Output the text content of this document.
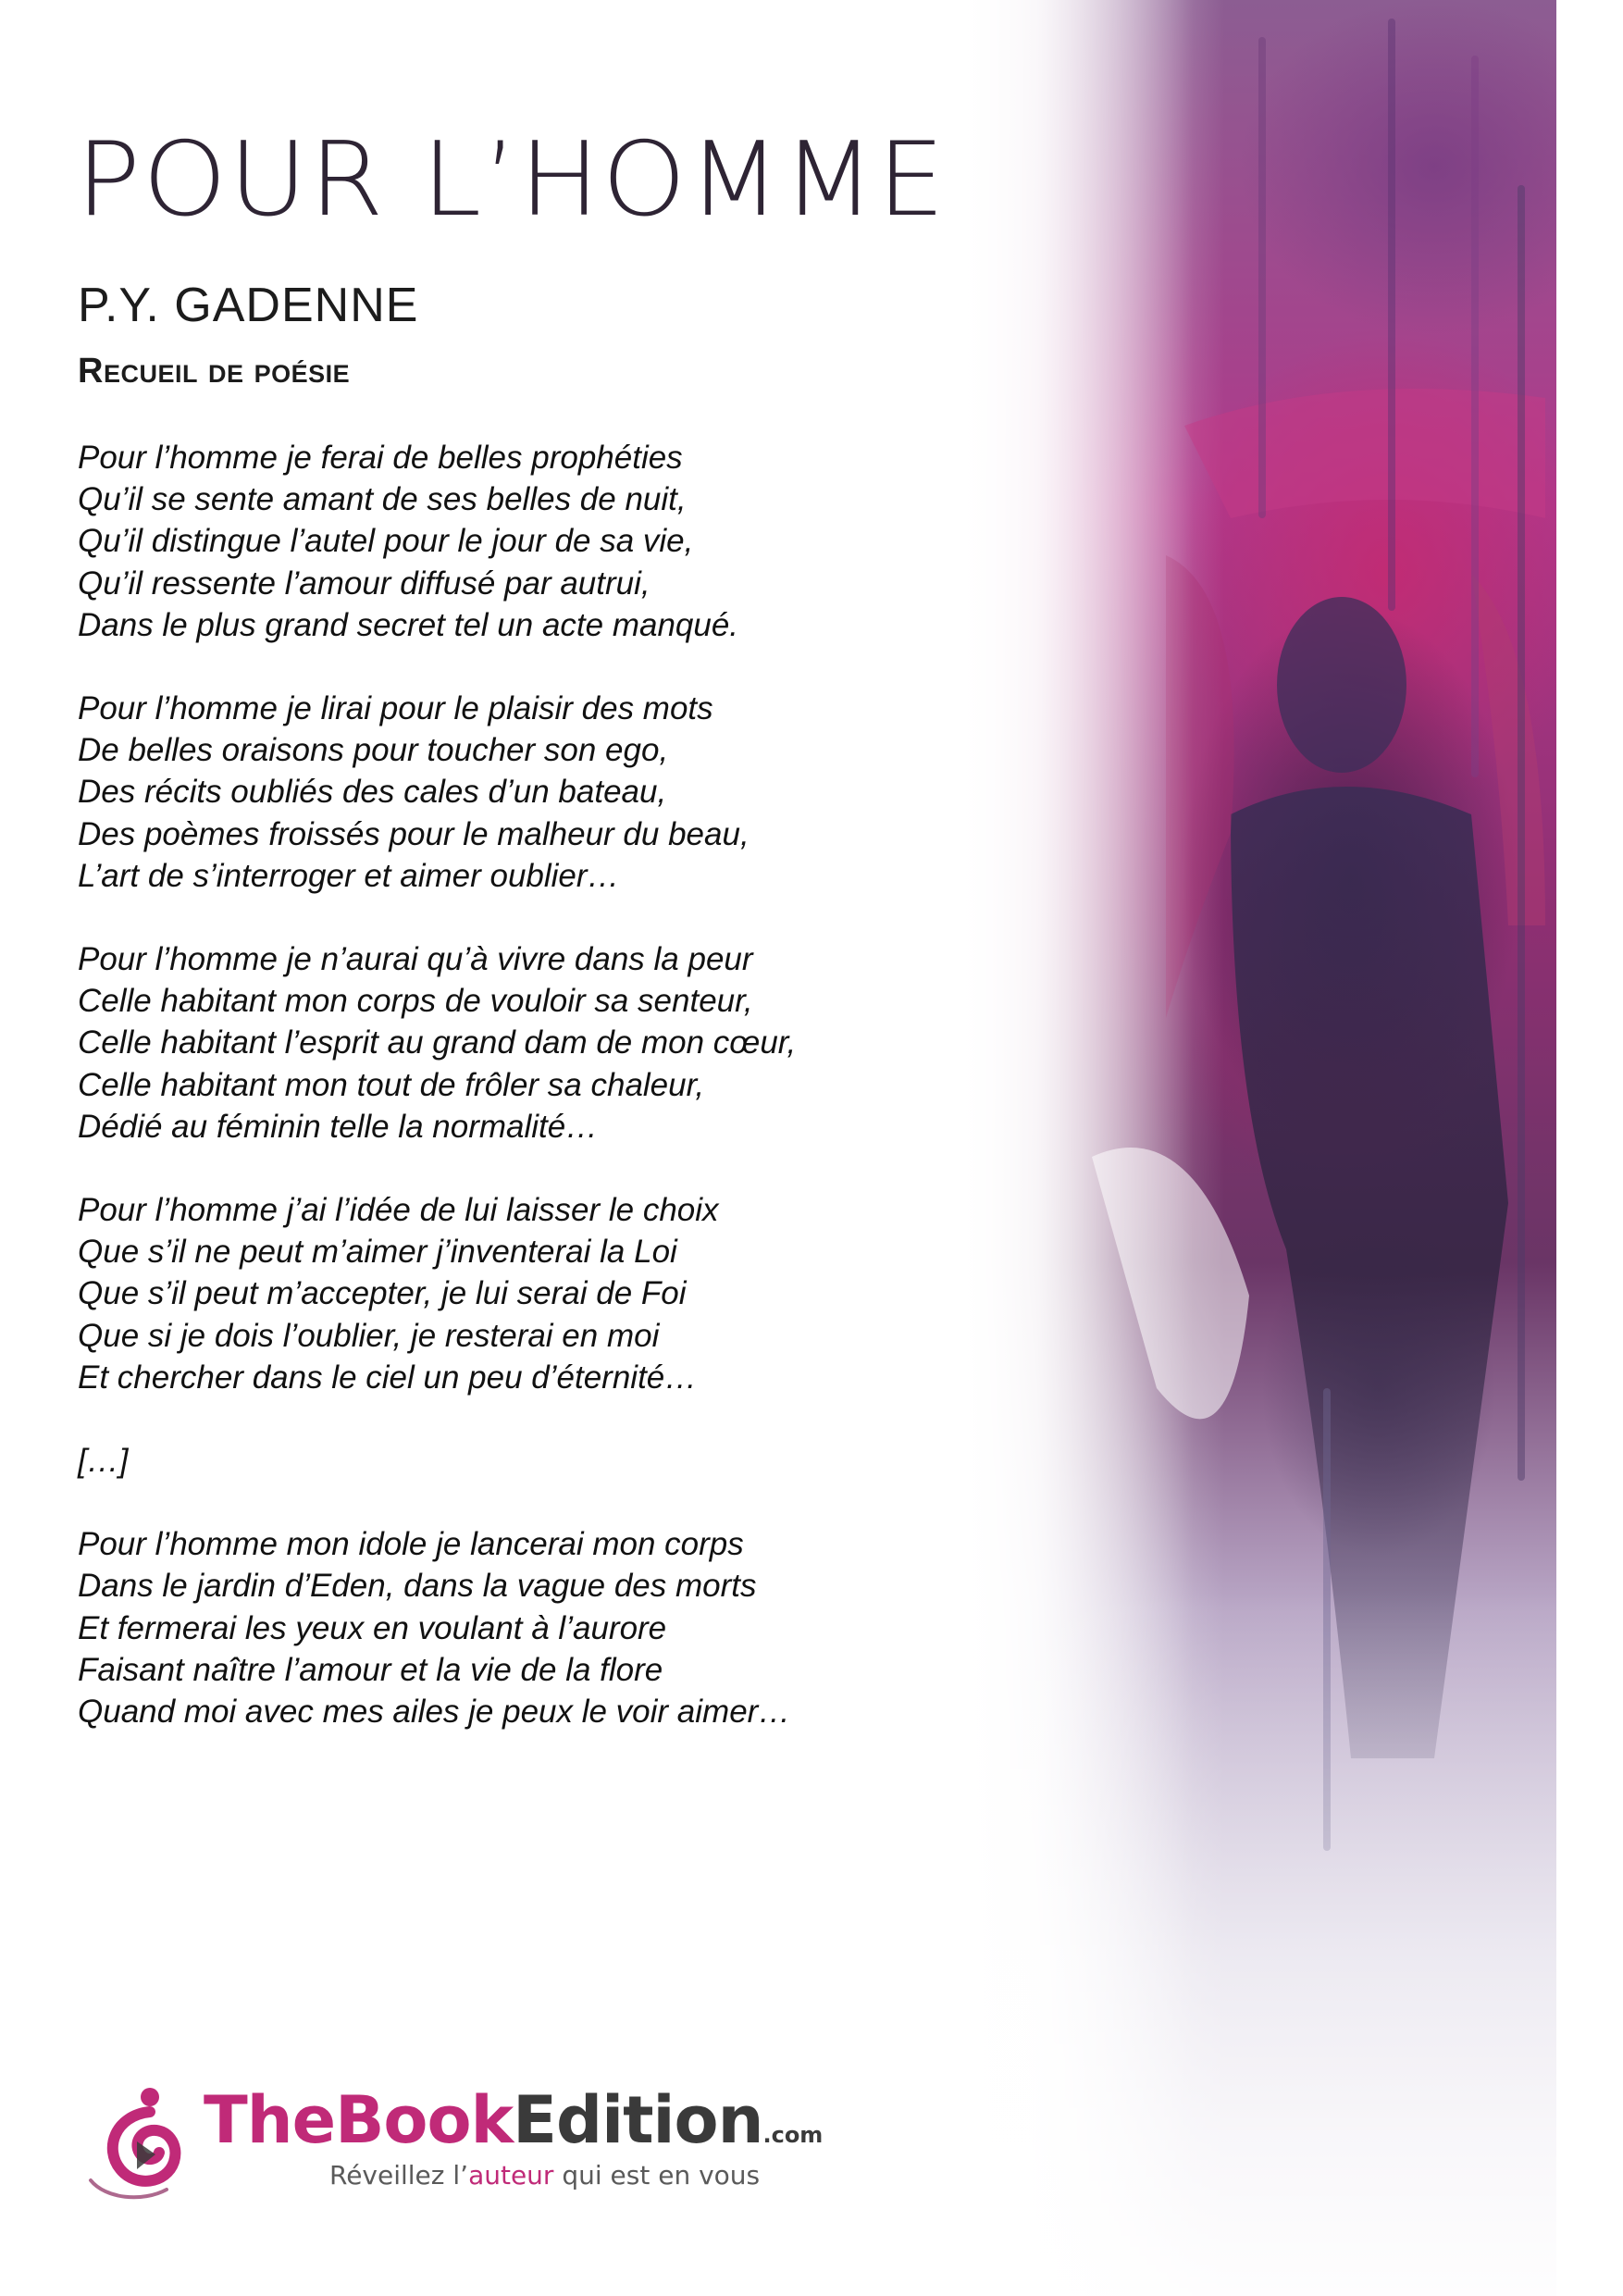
POUR L’HOMME
P.Y. GADENNE
Recueil de poésie

Pour l’homme je ferai de belles prophéties
Qu’il se sente amant de ses belles de nuit,
Qu’il distingue l’autel pour le jour de sa vie,
Qu’il ressente l’amour diffusé par autrui,
Dans le plus grand secret tel un acte manqué.

Pour l’homme je lirai pour le plaisir des mots
De belles oraisons pour toucher son ego,
Des récits oubliés des cales d’un bateau,
Des poèmes froissés pour le malheur du beau,
L’art de s’interroger et aimer oublier…

Pour l’homme je n’aurai qu’à vivre dans la peur
Celle habitant mon corps de vouloir sa senteur,
Celle habitant l’esprit au grand dam de mon cœur,
Celle habitant mon tout de frôler sa chaleur,
Dédié au féminin telle la normalité…

Pour l’homme j’ai l’idée de lui laisser le choix
Que s’il ne peut m’aimer j’inventerai la Loi
Que s’il peut m’accepter, je lui serai de Foi
Que si je dois l’oublier, je resterai en moi
Et chercher dans le ciel un peu d’éternité…

[…]

Pour l’homme mon idole je lancerai mon corps
Dans le jardin d’Eden, dans la vague des morts
Et fermerai les yeux en voulant à l’aurore
Faisant naître l’amour et la vie de la flore
Quand moi avec mes ailes je peux le voir aimer…

TheBookEdition.com

Réveillez l’auteur qui est en vous
